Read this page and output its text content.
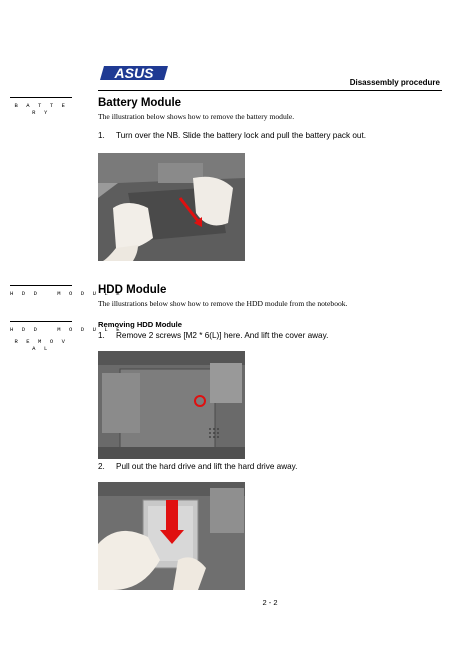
ASUS
Disassembly procedure
B A T T E R Y
H D D   M O D U L E
H D D   M O D U L E
R E M O V A L
Battery Module
The illustration below shows how to remove the battery module.
1. Turn over the NB. Slide the battery lock and pull the battery pack out.
HDD Module
The illustrations below show how to remove the HDD module from the notebook.
Removing HDD Module
1. Remove 2 screws [M2 * 6(L)] here. And lift the cover away.
2. Pull out the hard drive and lift the hard drive away.
2 - 2
